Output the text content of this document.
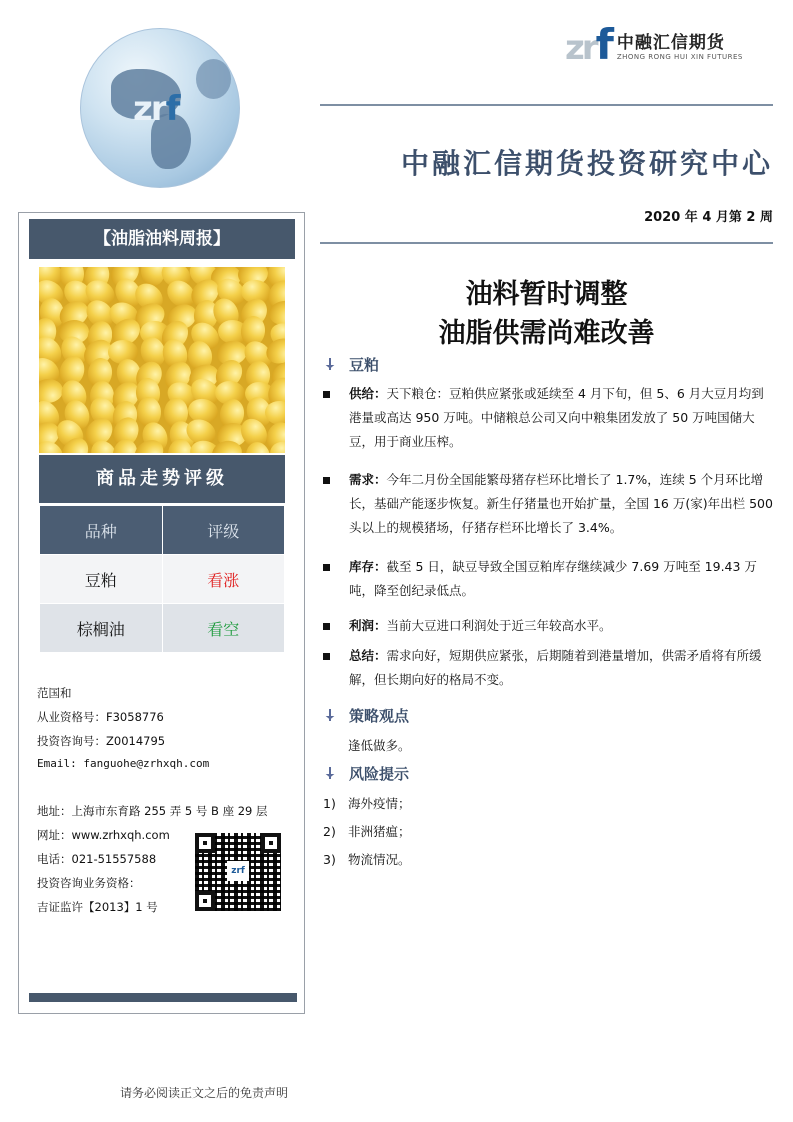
zrf
zrf 中融汇信期货
ZHONG RONG HUI XIN FUTURES
中融汇信期货投资研究中心
2020 年 4 月第 2 周
油料暂时调整
油脂供需尚难改善
【油脂油料周报】
商品走势评级
品种	评级
豆粕	看涨
棕榈油	看空
范国和
从业资格号：F3058776
投资咨询号：Z0014795
Email: fanguohe@zrhxqh.com
地址：上海市东育路 255 弄 5 号 B 座 29 层
网址：www.zrhxqh.com
电话：021-51557588
投资咨询业务资格：
吉证监许【2013】1 号
zrf
豆粕
供给：天下粮仓：豆粕供应紧张或延续至 4 月下旬，但 5、6 月大豆月均到港量或高达 950 万吨。中储粮总公司又向中粮集团发放了 50 万吨国储大豆，用于商业压榨。
需求：今年二月份全国能繁母猪存栏环比增长了 1.7%，连续 5 个月环比增长，基础产能逐步恢复。新生仔猪量也开始扩量，全国 16 万(家)年出栏 500 头以上的规模猪场，仔猪存栏环比增长了 3.4%。
库存：截至 5 日，缺豆导致全国豆粕库存继续减少 7.69 万吨至 19.43 万吨，降至创纪录低点。
利润：当前大豆进口利润处于近三年较高水平。
总结：需求向好，短期供应紧张，后期随着到港量增加，供需矛盾将有所缓解，但长期向好的格局不变。
策略观点
逢低做多。
风险提示
1) 海外疫情；
2) 非洲猪瘟；
3) 物流情况。
请务必阅读正文之后的免责声明
